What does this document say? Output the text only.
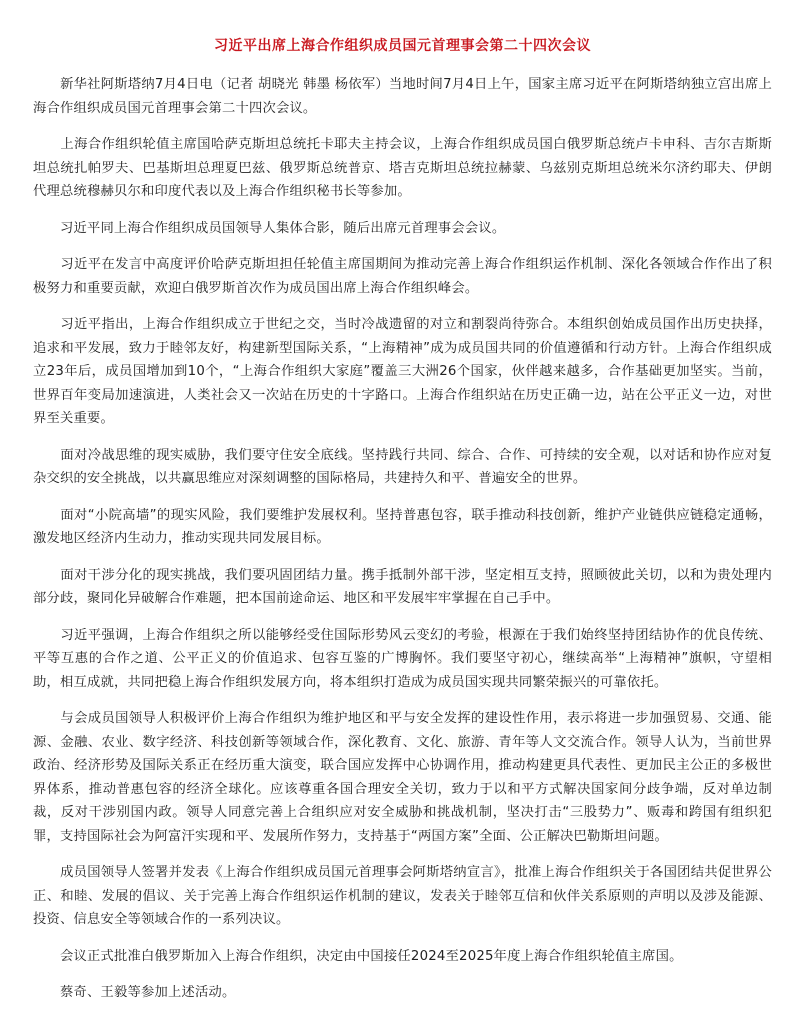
习近平出席上海合作组织成员国元首理事会第二十四次会议

　　新华社阿斯塔纳7月4日电（记者 胡晓光 韩墨 杨依军）当地时间7月4日上午，国家主席习近平在阿斯塔纳独立宫出席上海合作组织成员国元首理事会第二十四次会议。

　　上海合作组织轮值主席国哈萨克斯坦总统托卡耶夫主持会议，上海合作组织成员国白俄罗斯总统卢卡申科、吉尔吉斯斯坦总统扎帕罗夫、巴基斯坦总理夏巴兹、俄罗斯总统普京、塔吉克斯坦总统拉赫蒙、乌兹别克斯坦总统米尔济约耶夫、伊朗代理总统穆赫贝尔和印度代表以及上海合作组织秘书长等参加。

　　习近平同上海合作组织成员国领导人集体合影，随后出席元首理事会会议。

　　习近平在发言中高度评价哈萨克斯坦担任轮值主席国期间为推动完善上海合作组织运作机制、深化各领域合作作出了积极努力和重要贡献，欢迎白俄罗斯首次作为成员国出席上海合作组织峰会。

　　习近平指出，上海合作组织成立于世纪之交，当时冷战遗留的对立和割裂尚待弥合。本组织创始成员国作出历史抉择，追求和平发展，致力于睦邻友好，构建新型国际关系，“上海精神”成为成员国共同的价值遵循和行动方针。上海合作组织成立23年后，成员国增加到10个，“上海合作组织大家庭”覆盖三大洲26个国家，伙伴越来越多，合作基础更加坚实。当前，世界百年变局加速演进，人类社会又一次站在历史的十字路口。上海合作组织站在历史正确一边，站在公平正义一边，对世界至关重要。

　　面对冷战思维的现实威胁，我们要守住安全底线。坚持践行共同、综合、合作、可持续的安全观，以对话和协作应对复杂交织的安全挑战，以共赢思维应对深刻调整的国际格局，共建持久和平、普遍安全的世界。

　　面对“小院高墙”的现实风险，我们要维护发展权利。坚持普惠包容，联手推动科技创新，维护产业链供应链稳定通畅，激发地区经济内生动力，推动实现共同发展目标。

　　面对干涉分化的现实挑战，我们要巩固团结力量。携手抵制外部干涉，坚定相互支持，照顾彼此关切，以和为贵处理内部分歧，聚同化异破解合作难题，把本国前途命运、地区和平发展牢牢掌握在自己手中。

　　习近平强调，上海合作组织之所以能够经受住国际形势风云变幻的考验，根源在于我们始终坚持团结协作的优良传统、平等互惠的合作之道、公平正义的价值追求、包容互鉴的广博胸怀。我们要坚守初心，继续高举“上海精神”旗帜，守望相助，相互成就，共同把稳上海合作组织发展方向，将本组织打造成为成员国实现共同繁荣振兴的可靠依托。

　　与会成员国领导人积极评价上海合作组织为维护地区和平与安全发挥的建设性作用，表示将进一步加强贸易、交通、能源、金融、农业、数字经济、科技创新等领域合作，深化教育、文化、旅游、青年等人文交流合作。领导人认为，当前世界政治、经济形势及国际关系正在经历重大演变，联合国应发挥中心协调作用，推动构建更具代表性、更加民主公正的多极世界体系，推动普惠包容的经济全球化。应该尊重各国合理安全关切，致力于以和平方式解决国家间分歧争端，反对单边制裁，反对干涉别国内政。领导人同意完善上合组织应对安全威胁和挑战机制，坚决打击“三股势力”、贩毒和跨国有组织犯罪，支持国际社会为阿富汗实现和平、发展所作努力，支持基于“两国方案”全面、公正解决巴勒斯坦问题。

　　成员国领导人签署并发表《上海合作组织成员国元首理事会阿斯塔纳宣言》，批准上海合作组织关于各国团结共促世界公正、和睦、发展的倡议、关于完善上海合作组织运作机制的建议，发表关于睦邻互信和伙伴关系原则的声明以及涉及能源、投资、信息安全等领域合作的一系列决议。

　　会议正式批准白俄罗斯加入上海合作组织，决定由中国接任2024至2025年度上海合作组织轮值主席国。

　　蔡奇、王毅等参加上述活动。
